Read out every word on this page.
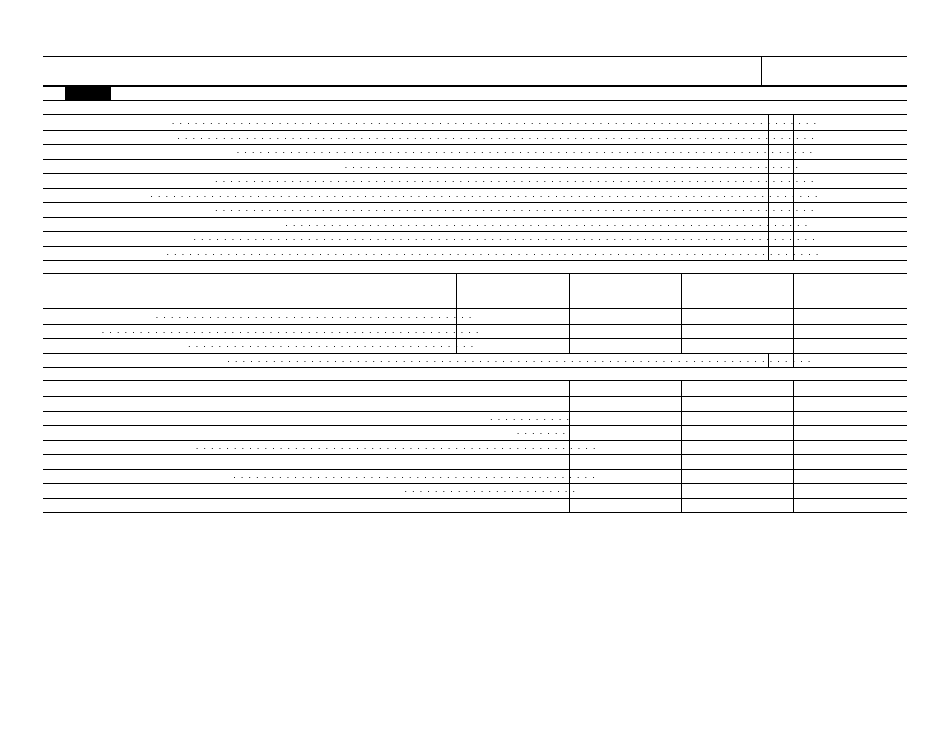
.....................................................................................
....................................................................................
............................................................................
............................................................
...............................................................................
........................................................................................
...............................................................................
.....................................................................
..................................................................................
......................................................................................
..........................................
..................................................
......................................
.............................................................................
...........
.......
.....................................................
................................................
.......................
